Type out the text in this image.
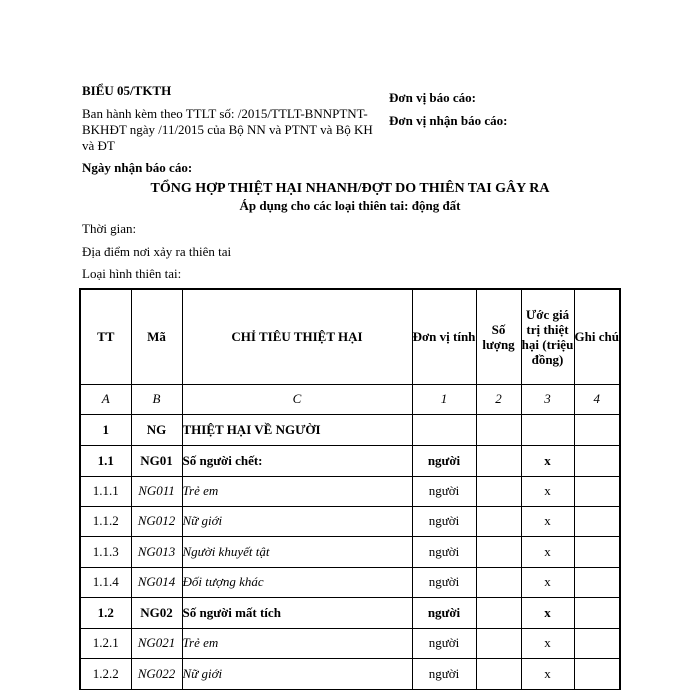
BIỂU 05/TKTH
Ban hành kèm theo TTLT số: /2015/TTLT-BNNPTNT-BKHĐT ngày /11/2015 của Bộ NN và PTNT và Bộ KH và ĐT
Ngày nhận báo cáo:
Đơn vị báo cáo:
Đơn vị nhận báo cáo:
TỔNG HỢP THIỆT HẠI NHANH/ĐỢT DO THIÊN TAI GÂY RA
Áp dụng cho các loại thiên tai: động đất
Thời gian:
Địa điểm nơi xảy ra thiên tai
Loại hình thiên tai:
TT	Mã	CHỈ TIÊU THIỆT HẠI	Đơn vị tính	Số lượng	Ước giá trị thiệt hại (triệu đồng)	Ghi chú
A	B	C	1	2	3	4
1	NG	THIỆT HẠI VỀ NGƯỜI				
1.1	NG01	Số người chết:	người		x	
1.1.1	NG011	Trẻ em	người		x	
1.1.2	NG012	Nữ giới	người		x	
1.1.3	NG013	Người khuyết tật	người		x	
1.1.4	NG014	Đối tượng khác	người		x	
1.2	NG02	Số người mất tích	người		x	
1.2.1	NG021	Trẻ em	người		x	
1.2.2	NG022	Nữ giới	người		x	
